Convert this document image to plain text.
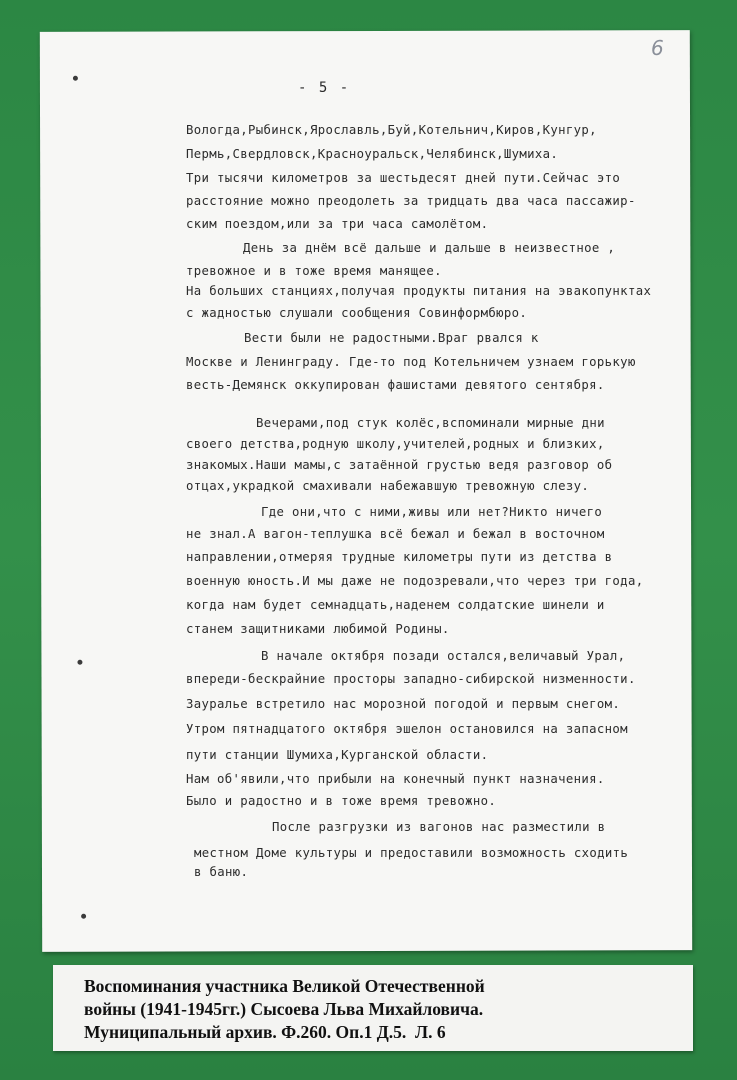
6
- 5 -
Вологда,Рыбинск,Ярославль,Буй,Котельнич,Киров,Кунгур,
Пермь,Свердловск,Красноуральск,Челябинск,Шумиха.
Три тысячи километров за шестьдесят дней пути.Сейчас это
расстояние можно преодолеть за тридцать два часа пассажир-
ским поездом,или за три часа самолётом.
День за днём всё дальше и дальше в неизвестное ,
тревожное и в тоже время манящее.
На больших станциях,получая продукты питания на эвакопунктах
с жадностью слушали сообщения Совинформбюро.
Вести были не радостными.Враг рвался к
Москве и Ленинграду. Где-то под Котельничем узнаем горькую
весть-Демянск оккупирован фашистами девятого сентября.
Вечерами,под стук колёс,вспоминали мирные дни
своего детства,родную школу,учителей,родных и близких,
знакомых.Наши мамы,с затаённой грустью ведя разговор об
отцах,украдкой смахивали набежавшую тревожную слезу.
Где они,что с ними,живы или нет?Никто ничего
не знал.А вагон-теплушка всё бежал и бежал в восточном
направлении,отмеряя трудные километры пути из детства в
военную юность.И мы даже не подозревали,что через три года,
когда нам будет семнадцать,наденем солдатские шинели и
станем защитниками любимой Родины.
В начале октября позади остался,величавый Урал,
впереди-бескрайние просторы западно-сибирской низменности.
Зауралье встретило нас морозной погодой и первым снегом.
Утром пятнадцатого октября эшелон остановился на запасном
пути станции Шумиха,Курганской области.
Нам об'явили,что прибыли на конечный пункт назначения.
Было и радостно и в тоже время тревожно.
После разгрузки из вагонов нас разместили в
местном Доме культуры и предоставили возможность сходить
в баню.
Воспоминания участника Великой Отечественной
войны (1941-1945гг.) Сысоева Льва Михайловича.
Муниципальный архив. Ф.260. Оп.1 Д.5.  Л. 6
